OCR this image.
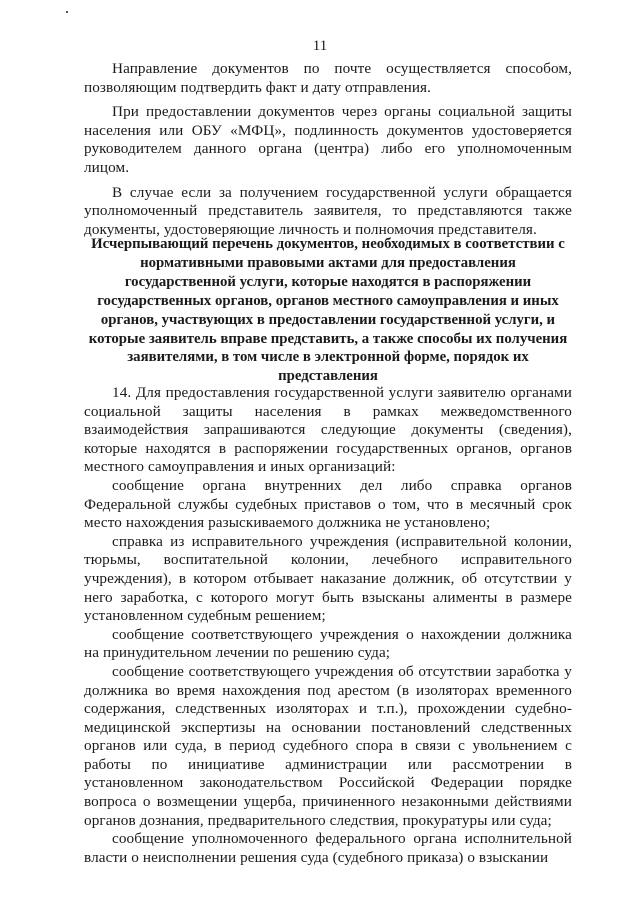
11

Направление документов по почте осуществляется способом, позволяющим подтвердить факт и дату отправления.

При предоставлении документов через органы социальной защиты населения или ОБУ «МФЦ», подлинность документов удостоверяется руководителем данного органа (центра) либо его уполномоченным лицом.

В случае если за получением государственной услуги обращается уполномоченный представитель заявителя, то представляются также документы, удостоверяющие личность и полномочия представителя.

Исчерпывающий перечень документов, необходимых в соответствии с нормативными правовыми актами для предоставления государственной услуги, которые находятся в распоряжении государственных органов, органов местного самоуправления и иных органов, участвующих в предоставлении государственной услуги, и которые заявитель вправе представить, а также способы их получения заявителями, в том числе в электронной форме, порядок их представления

14. Для предоставления государственной услуги заявителю органами социальной защиты населения в рамках межведомственного взаимодействия запрашиваются следующие документы (сведения), которые находятся в распоряжении государственных органов, органов местного самоуправления и иных организаций:

сообщение органа внутренних дел либо справка органов Федеральной службы судебных приставов о том, что в месячный срок место нахождения разыскиваемого должника не установлено;

справка из исправительного учреждения (исправительной колонии, тюрьмы, воспитательной колонии, лечебного исправительного учреждения), в котором отбывает наказание должник, об отсутствии у него заработка, с которого могут быть взысканы алименты в размере установленном судебным решением;

сообщение соответствующего учреждения о нахождении должника на принудительном лечении по решению суда;

сообщение соответствующего учреждения об отсутствии заработка у должника во время нахождения под арестом (в изоляторах временного содержания, следственных изоляторах и т.п.), прохождении судебно-медицинской экспертизы на основании постановлений следственных органов или суда, в период судебного спора в связи с увольнением с работы по инициативе администрации или рассмотрении в установленном законодательством Российской Федерации порядке вопроса о возмещении ущерба, причиненного незаконными действиями органов дознания, предварительного следствия, прокуратуры или суда;

сообщение уполномоченного федерального органа исполнительной власти о неисполнении решения суда (судебного приказа) о взыскании
